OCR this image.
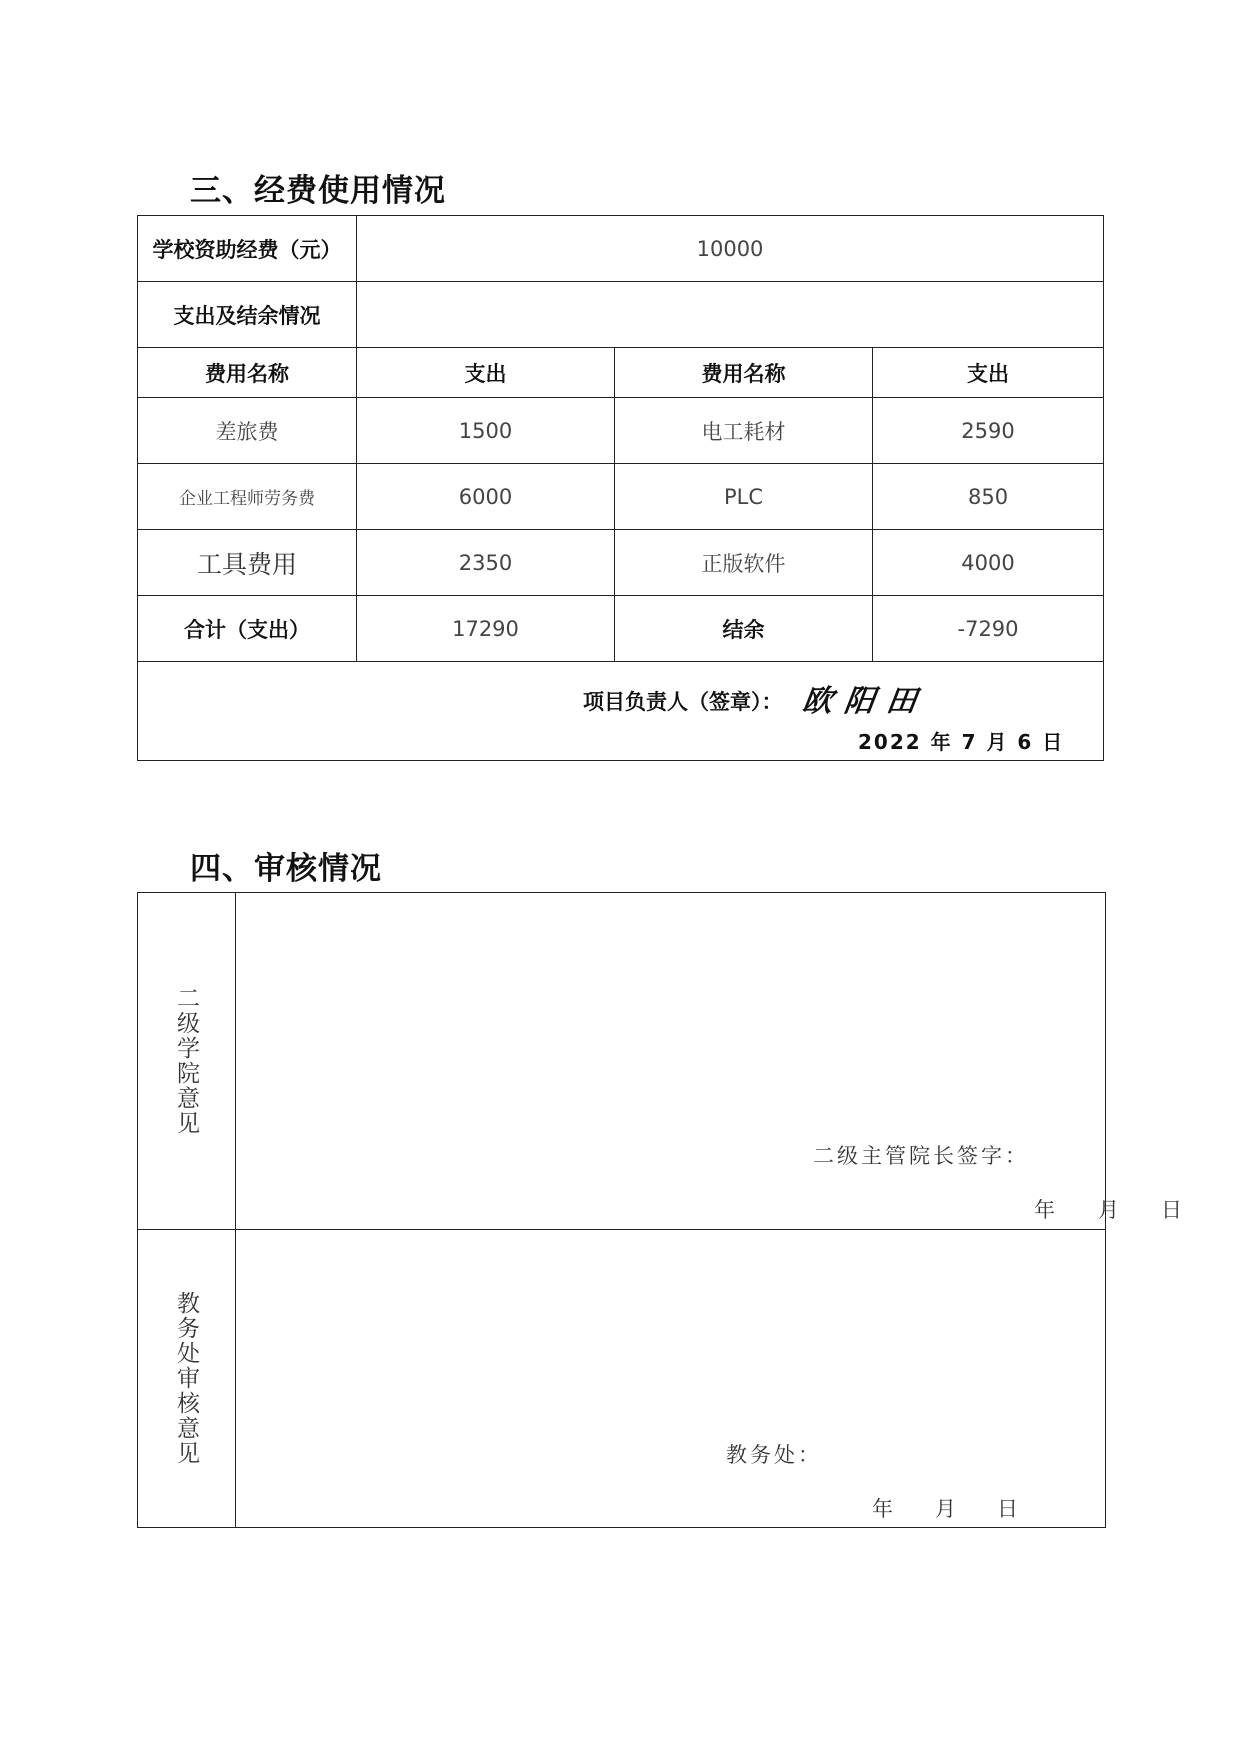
三、经费使用情况
学校资助经费（元）	10000		
支出及结余情况			
费用名称	支出	费用名称	支出
差旅费	1500	电工耗材	2590
企业工程师劳务费	6000	PLC	850
工具费用	2350	正版软件	4000
合计（支出）	17290	结余	-7290

项目负责人（签章）： 欧阳田
2022 年 7 月 6 日			
四、审核情况
二级学院意见	二级主管院长签字：
年 月 日

教务处审核意见	教务处：
年 月 日
